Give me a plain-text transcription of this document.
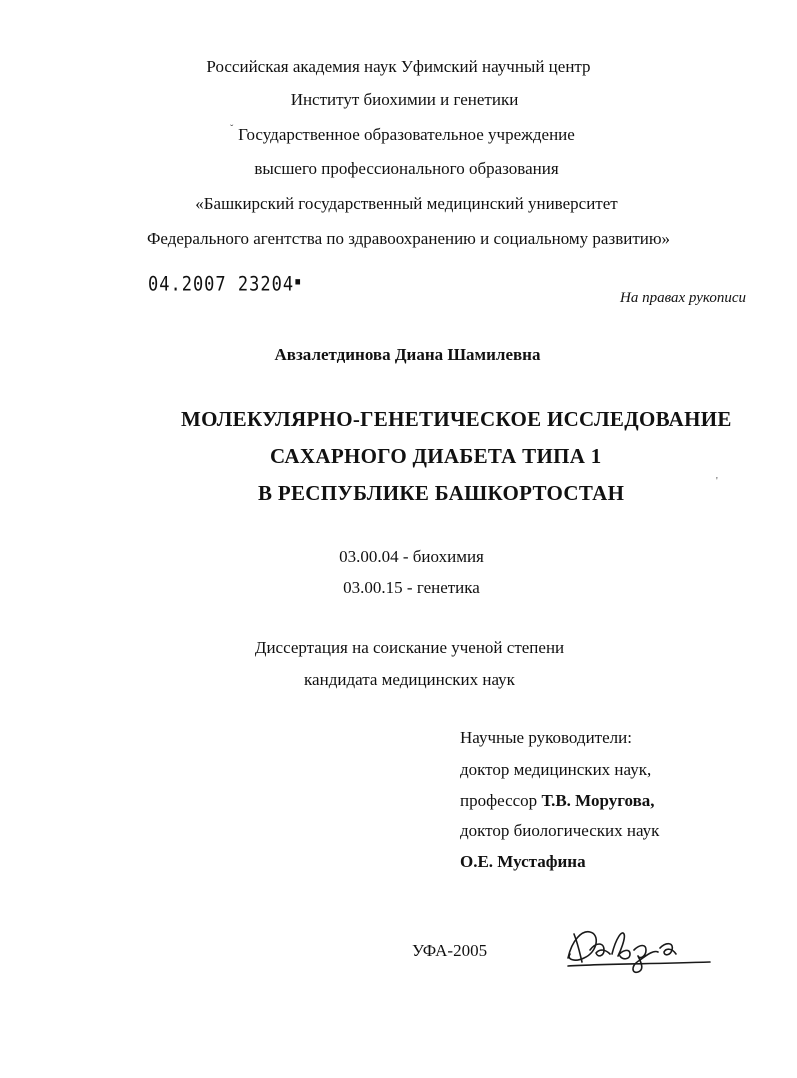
Российская академия наук Уфимский научный центр
Институт биохимии и генетики
ˇ Государственное образовательное учреждение
высшего профессионального образования
«Башкирский государственный медицинский университет
Федерального агентства по здравоохранению и социальному развитию»
04.2007 23204▪
На правах рукописи
Авзалетдинова Диана Шамилевна
МОЛЕКУЛЯРНО-ГЕНЕТИЧЕСКОЕ ИССЛЕДОВАНИЕ
САХАРНОГО ДИАБЕТА ТИПА 1
В РЕСПУБЛИКЕ БАШКОРТОСТАН	'
03.00.04 - биохимия
03.00.15 - генетика
Диссертация на соискание ученой степени
кандидата медицинских наук
Научные руководители:
доктор медицинских наук,
профессор Т.В. Моругова,
доктор биологических наук
О.Е. Мустафина
УФА-2005
